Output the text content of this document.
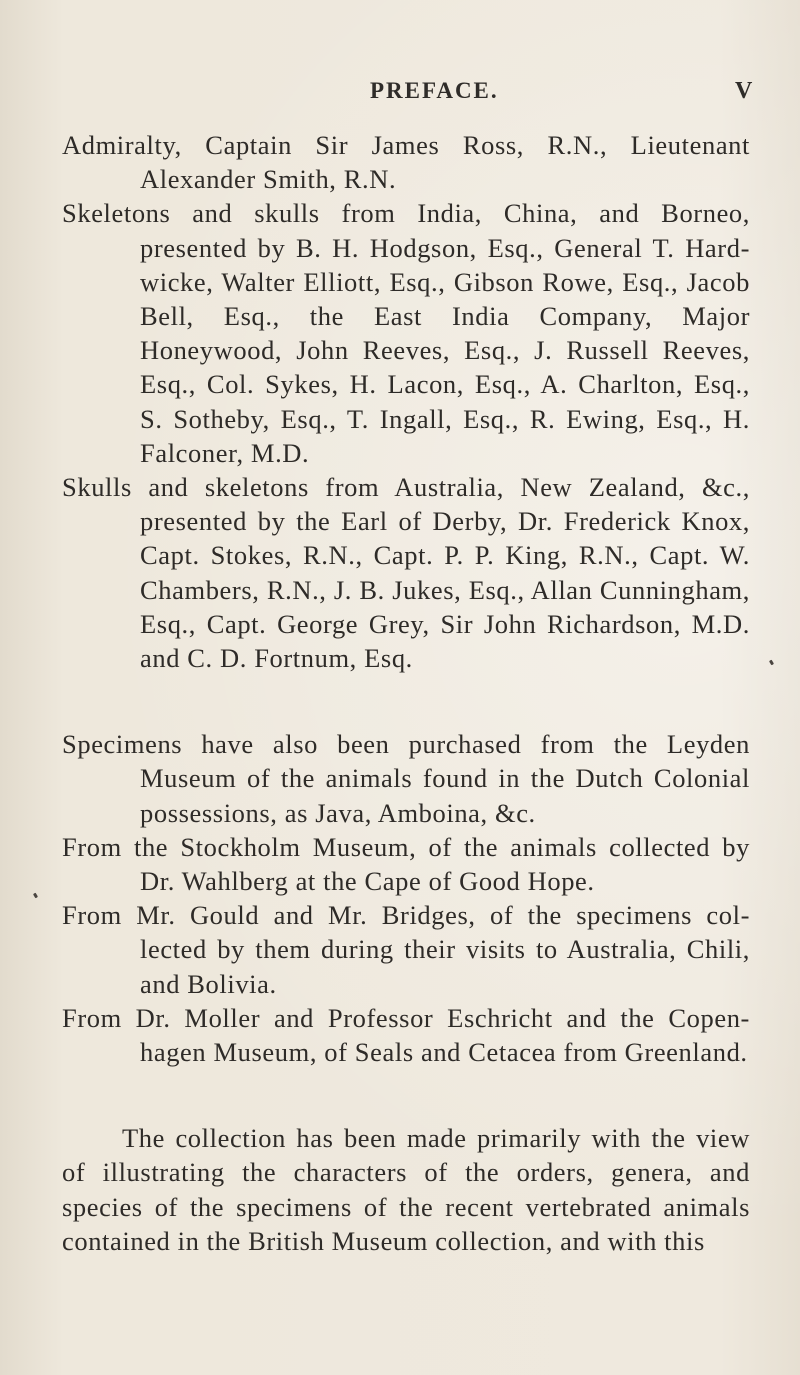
PREFACE.	V

Admiralty, Captain Sir James Ross, R.N., Lieutenant Alexander Smith, R.N.

Skeletons and skulls from India, China, and Borneo, presented by B. H. Hodgson, Esq., General T. Hard-wicke, Walter Elliott, Esq., Gibson Rowe, Esq., Jacob Bell, Esq., the East India Company, Major Honeywood, John Reeves, Esq., J. Russell Reeves, Esq., Col. Sykes, H. Lacon, Esq., A. Charlton, Esq., S. Sotheby, Esq., T. Ingall, Esq., R. Ewing, Esq., H. Falconer, M.D.

Skulls and skeletons from Australia, New Zealand, &c., presented by the Earl of Derby, Dr. Frederick Knox, Capt. Stokes, R.N., Capt. P. P. King, R.N., Capt. W. Chambers, R.N., J. B. Jukes, Esq., Allan Cunningham, Esq., Capt. George Grey, Sir John Richardson, M.D. and C. D. Fortnum, Esq.

Specimens have also been purchased from the Leyden Museum of the animals found in the Dutch Colonial possessions, as Java, Amboina, &c.

From the Stockholm Museum, of the animals collected by Dr. Wahlberg at the Cape of Good Hope.

From Mr. Gould and Mr. Bridges, of the specimens col-lected by them during their visits to Australia, Chili, and Bolivia.

From Dr. Moller and Professor Eschricht and the Copen-hagen Museum, of Seals and Cetacea from Greenland.

The collection has been made primarily with the view of illustrating the characters of the orders, genera, and species of the specimens of the recent vertebrated animals contained in the British Museum collection, and with this
